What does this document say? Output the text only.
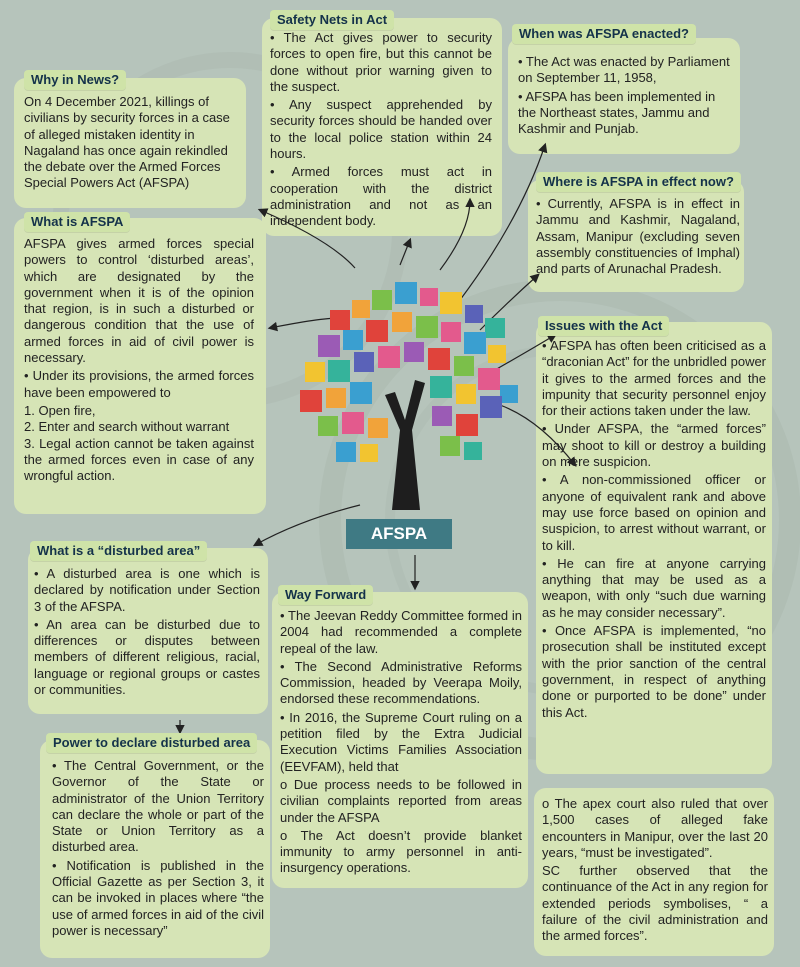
Why in News?
On 4 December 2021, killings of civilians by security forces in a case of alleged mistaken identity in Nagaland has once again rekindled the debate over the Armed Forces Special Powers Act (AFSPA)
What is AFSPA

AFSPA gives armed forces special powers to control ‘disturbed areas’, which are designated by the government when it is of the opinion that region, is in such a disturbed or dangerous condition that the use of armed forces in aid of civil power is necessary.

• Under its provisions, the armed forces have been empowered to

1. Open fire,

2. Enter and search without warrant

3. Legal action cannot be taken against the armed forces even in case of any wrongful action.

Safety Nets in Act

• The Act gives power to security forces to open fire, but this cannot be done without prior warning given to the suspect.

• Any suspect apprehended by security forces should be handed over to the local police station within 24 hours.

• Armed forces must act in cooperation with the district administration and not as an independent body.

When was AFSPA enacted?

• The Act was enacted by Parliament on September 11, 1958,

• AFSPA has been implemented in the Northeast states, Jammu and Kashmir and Punjab.

Where is AFSPA in effect now?

• Currently, AFSPA is in effect in Jammu and Kashmir, Nagaland, Assam, Manipur (excluding seven assembly constituencies of Imphal) and parts of Arunachal Pradesh.

Issues with the Act

• AFSPA has often been criticised as a “draconian Act” for the unbridled power it gives to the armed forces and the impunity that security personnel enjoy for their actions taken under the law.

• Under AFSPA, the “armed forces” may shoot to kill or destroy a building on mere suspicion.

• A non-commissioned officer or anyone of equivalent rank and above may use force based on opinion and suspicion, to arrest without warrant, or to kill.

• He can fire at anyone carrying anything that may be used as a weapon, with only “such due warning as he may consider necessary”.

• Once AFSPA is implemented, “no prosecution shall be instituted except with the prior sanction of the central government, in respect of anything done or purported to be done” under this Act.

o The apex court also ruled that over 1,500 cases of alleged fake encounters in Manipur, over the last 20 years, “must be investigated”.

SC further observed that the continuance of the Act in any region for extended periods symbolises, “ a failure of the civil administration and the armed forces”.

What is a “disturbed area”

• A disturbed area is one which is declared by notification under Section 3 of the AFSPA.

• An area can be disturbed due to differences or disputes between members of different religious, racial, language or regional groups or castes or communities.

Power to declare disturbed area

• The Central Government, or the Governor of the State or administrator of the Union Territory can declare the whole or part of the State or Union Territory as a disturbed area.

• Notification is published in the Official Gazette as per Section 3, it can be invoked in places where “the use of armed forces in aid of the civil power is necessary”

Way Forward

• The Jeevan Reddy Committee formed in 2004 had recommended a complete repeal of the law.

• The Second Administrative Reforms Commission, headed by Veerapa Moily, endorsed these recommendations.

• In 2016, the Supreme Court ruling on a petition filed by the Extra Judicial Execution Victims Families Association (EEVFAM), held that

o Due process needs to be followed in civilian complaints reported from areas under the AFSPA

o The Act doesn’t provide blanket immunity to army personnel in anti-insurgency operations.

AFSPA
